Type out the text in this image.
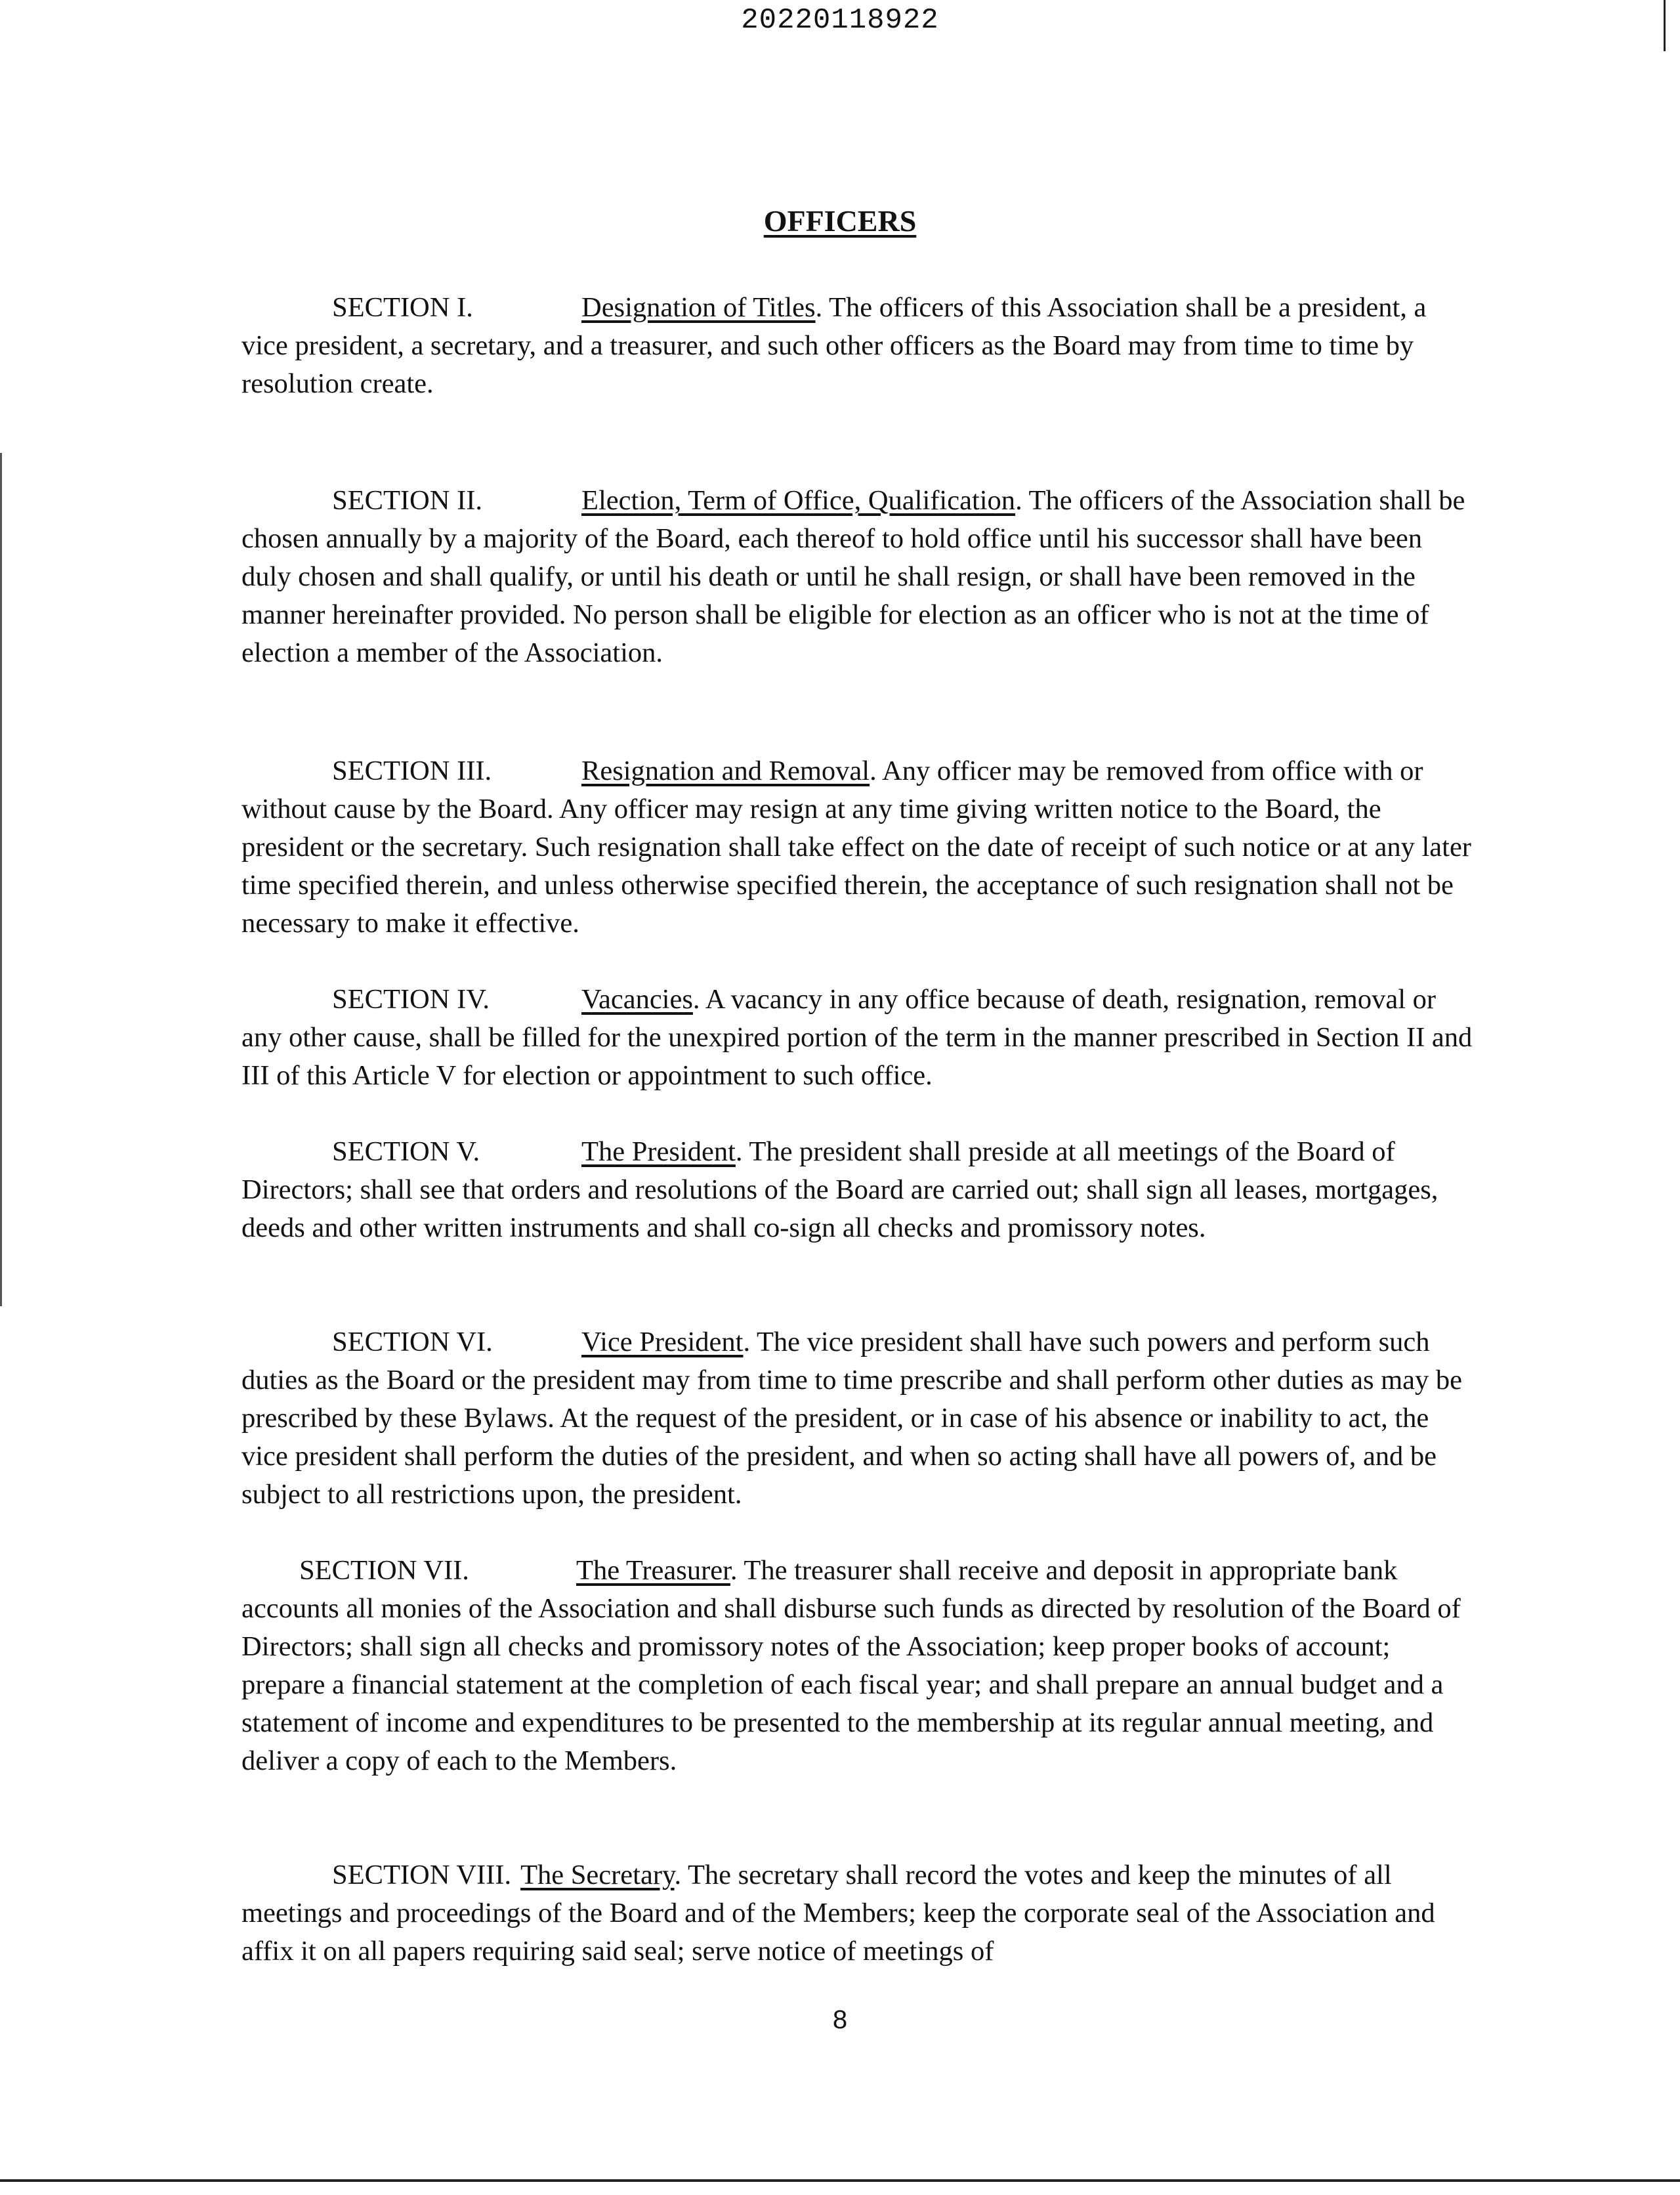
20220118922
OFFICERS
SECTION I.	Designation of Titles. The officers of this Association shall be a president, a vice president, a secretary, and a treasurer, and such other officers as the Board may from time to time by resolution create.
SECTION II.	Election, Term of Office, Qualification. The officers of the Association shall be chosen annually by a majority of the Board, each thereof to hold office until his successor shall have been duly chosen and shall qualify, or until his death or until he shall resign, or shall have been removed in the manner hereinafter provided. No person shall be eligible for election as an officer who is not at the time of election a member of the Association.
SECTION III.	Resignation and Removal. Any officer may be removed from office with or without cause by the Board. Any officer may resign at any time giving written notice to the Board, the president or the secretary. Such resignation shall take effect on the date of receipt of such notice or at any later time specified therein, and unless otherwise specified therein, the acceptance of such resignation shall not be necessary to make it effective.
SECTION IV.	Vacancies. A vacancy in any office because of death, resignation, removal or any other cause, shall be filled for the unexpired portion of the term in the manner prescribed in Section II and III of this Article V for election or appointment to such office.
SECTION V.	The President. The president shall preside at all meetings of the Board of Directors; shall see that orders and resolutions of the Board are carried out; shall sign all leases, mortgages, deeds and other written instruments and shall co-sign all checks and promissory notes.
SECTION VI.	Vice President. The vice president shall have such powers and perform such duties as the Board or the president may from time to time prescribe and shall perform other duties as may be prescribed by these Bylaws. At the request of the president, or in case of his absence or inability to act, the vice president shall perform the duties of the president, and when so acting shall have all powers of, and be subject to all restrictions upon, the president.
SECTION VII.	The Treasurer. The treasurer shall receive and deposit in appropriate bank accounts all monies of the Association and shall disburse such funds as directed by resolution of the Board of Directors; shall sign all checks and promissory notes of the Association; keep proper books of account; prepare a financial statement at the completion of each fiscal year; and shall prepare an annual budget and a statement of income and expenditures to be presented to the membership at its regular annual meeting, and deliver a copy of each to the Members.
SECTION VIII. The Secretary. The secretary shall record the votes and keep the minutes of all meetings and proceedings of the Board and of the Members; keep the corporate seal of the Association and affix it on all papers requiring said seal; serve notice of meetings of
8
